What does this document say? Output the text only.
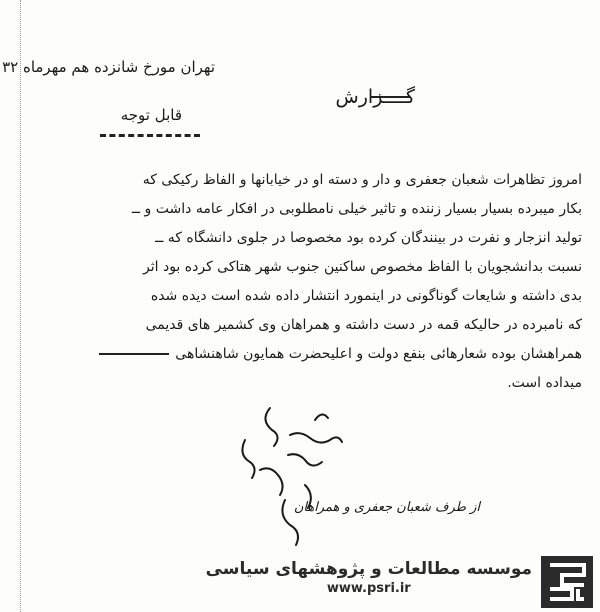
تهران مورخ شانزده هم مهرماه ۳۲
گــــزارش
قابل توجه
امروز تظاهرات شعبان جعفری و دار و دسته او در خیابانها و الفاظ رکیکی که
بکار میبرده بسیار بسیار زننده و تاثیر خیلی نامطلوبی در افکار عامه داشت و ــ
تولید انزجار و نفرت در بینندگان کرده بود مخصوصا در جلوی دانشگاه که ــ
نسبت بدانشجویان با الفاظ مخصوص ساکنین جنوب شهر هتاکی کرده بود اثر
بدی داشته و شایعات گوناگونی در اینمورد انتشار داده شده است دیده شده
که نامبرده در حالیکه قمه در دست داشته و همراهان وی کشمیر های قدیمی
همراهشان بوده شعارهائی بنفع دولت و اعلیحضرت همایون شاهنشاهی
میداده است.
از طرف شعبان جعفری و همراهان
موسسه مطالعات و پژوهشهای سیاسی
www.psri.ir
